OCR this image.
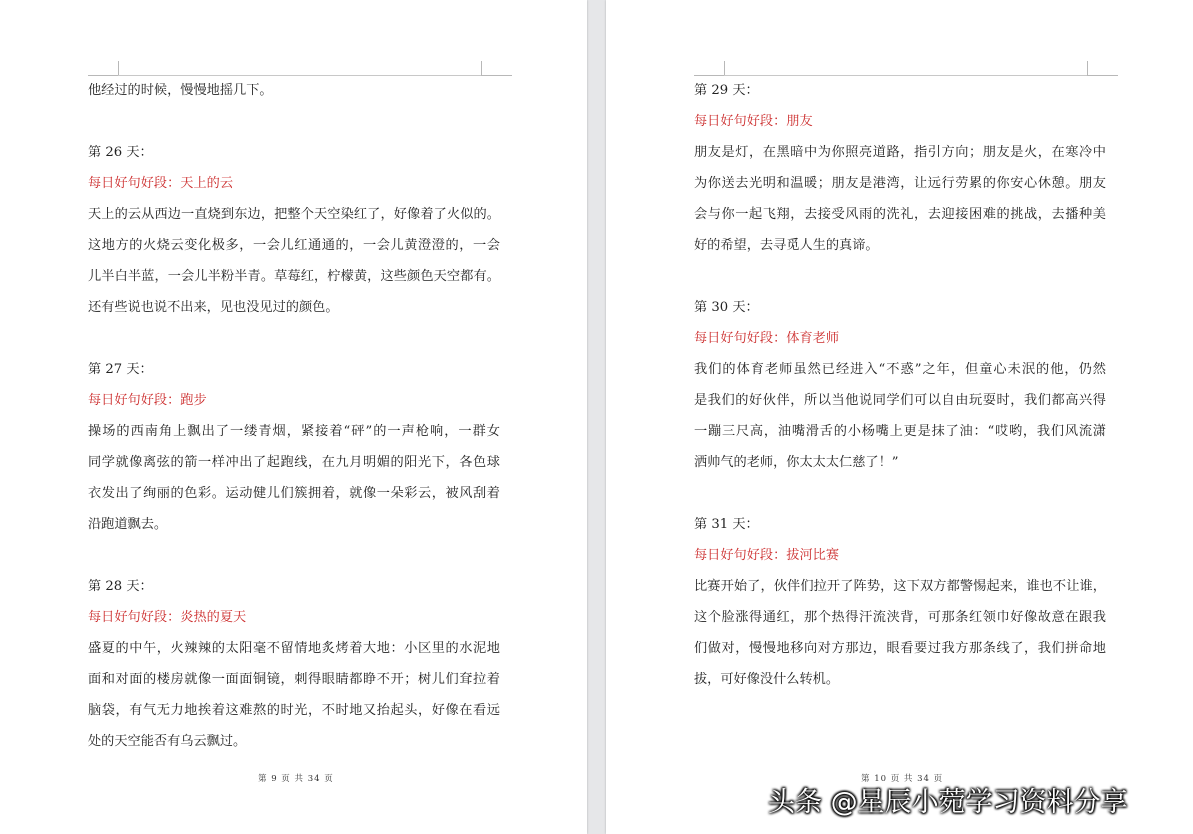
他经过的时候，慢慢地摇几下。

第 26 天：

每日好句好段：天上的云

天上的云从西边一直烧到东边，把整个天空染红了，好像着了火似的。

这地方的火烧云变化极多，一会儿红通通的，一会儿黄澄澄的，一会

儿半白半蓝，一会儿半粉半青。草莓红，柠檬黄，这些颜色天空都有。

还有些说也说不出来，见也没见过的颜色。

第 27 天：

每日好句好段：跑步

操场的西南角上飘出了一缕青烟，紧接着“砰”的一声枪响，一群女

同学就像离弦的箭一样冲出了起跑线，在九月明媚的阳光下，各色球

衣发出了绚丽的色彩。运动健儿们簇拥着，就像一朵彩云，被风刮着

沿跑道飘去。

第 28 天：

每日好句好段：炎热的夏天

盛夏的中午，火辣辣的太阳毫不留情地炙烤着大地：小区里的水泥地

面和对面的楼房就像一面面铜镜，刺得眼睛都睁不开；树儿们耷拉着

脑袋，有气无力地挨着这难熬的时光，不时地又抬起头，好像在看远

处的天空能否有乌云飘过。

第 9 页 共 34 页

第 29 天：

每日好句好段：朋友

朋友是灯，在黑暗中为你照亮道路，指引方向；朋友是火，在寒冷中

为你送去光明和温暖；朋友是港湾，让远行劳累的你安心休憩。朋友

会与你一起飞翔，去接受风雨的洗礼，去迎接困难的挑战，去播种美

好的希望，去寻觅人生的真谛。

第 30 天：

每日好句好段：体育老师

我们的体育老师虽然已经进入“不惑”之年，但童心未泯的他，仍然

是我们的好伙伴，所以当他说同学们可以自由玩耍时，我们都高兴得

一蹦三尺高，油嘴滑舌的小杨嘴上更是抹了油：“哎哟，我们风流潇

洒帅气的老师，你太太太仁慈了！”

第 31 天：

每日好句好段：拔河比赛

比赛开始了，伙伴们拉开了阵势，这下双方都警惕起来，谁也不让谁，

这个脸涨得通红，那个热得汗流浃背，可那条红领巾好像故意在跟我

们做对，慢慢地移向对方那边，眼看要过我方那条线了，我们拼命地

拔，可好像没什么转机。

第 10 页 共 34 页
头条 @星辰小菀学习资料分享
